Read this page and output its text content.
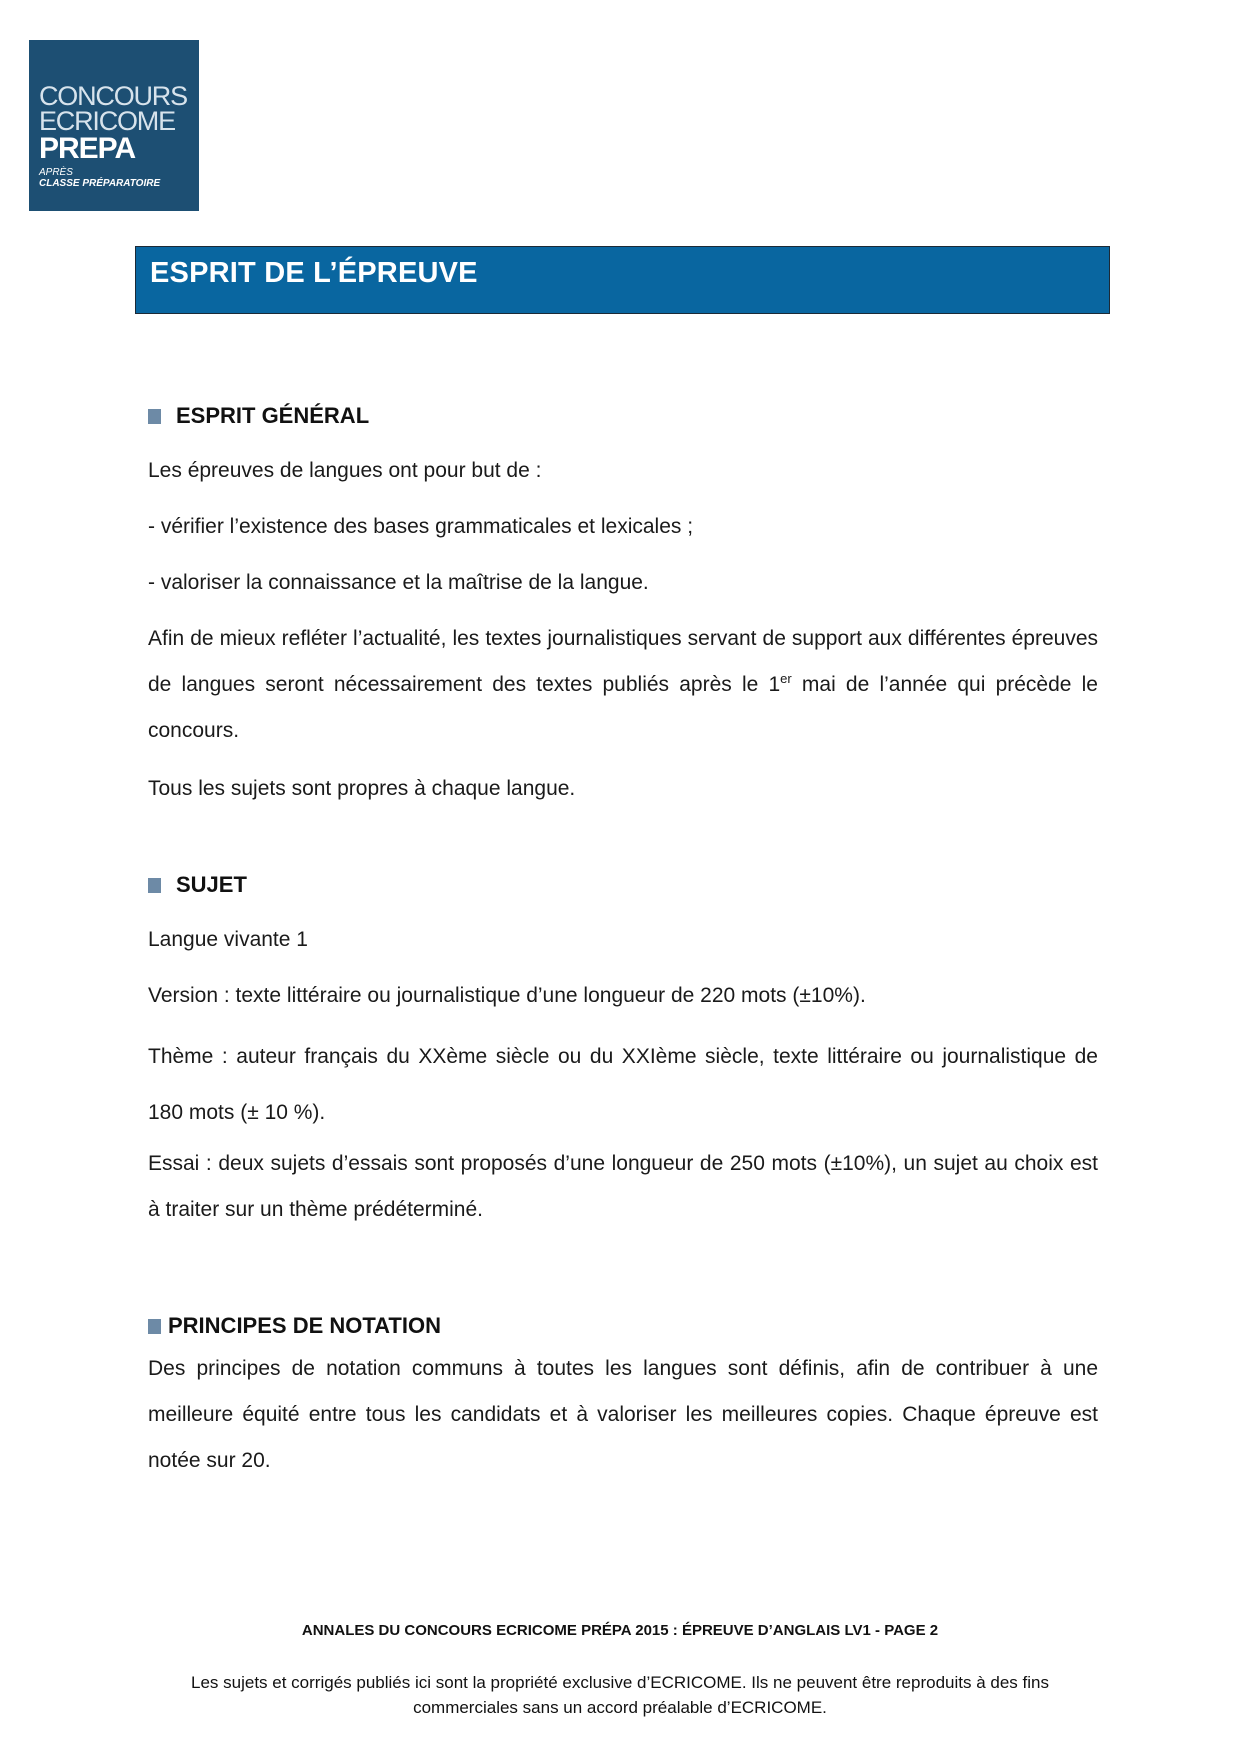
CONCOURS
ECRICOME
PREPA
APRÈS
CLASSE PRÉPARATOIRE
ESPRIT DE L’ÉPREUVE
ESPRIT GÉNÉRAL
Les épreuves de langues ont pour but de :
- vérifier l’existence des bases grammaticales et lexicales ;
- valoriser la connaissance et la maîtrise de la langue.
Afin de mieux refléter l’actualité, les textes journalistiques servant de support aux différentes épreuves de langues seront nécessairement des textes publiés après le 1er mai de l’année qui précède le concours.
Tous les sujets sont propres à chaque langue.
SUJET
Langue vivante 1
Version : texte littéraire ou journalistique d’une longueur de 220 mots (±10%).
Thème : auteur français du XXème siècle ou du XXIème siècle, texte littéraire ou journalistique de 180 mots (± 10 %).
Essai : deux sujets d’essais sont proposés d’une longueur de 250 mots (±10%), un sujet au choix est à traiter sur un thème prédéterminé.
PRINCIPES DE NOTATION
Des principes de notation communs à toutes les langues sont définis, afin de contribuer à une meilleure équité entre tous les candidats et à valoriser les meilleures copies. Chaque épreuve est notée sur 20.
ANNALES DU CONCOURS ECRICOME PRÉPA 2015 : ÉPREUVE D’ANGLAIS LV1 - PAGE 2
Les sujets et corrigés publiés ici sont la propriété exclusive d’ECRICOME. Ils ne peuvent être reproduits à des fins commerciales sans un accord préalable d’ECRICOME.
